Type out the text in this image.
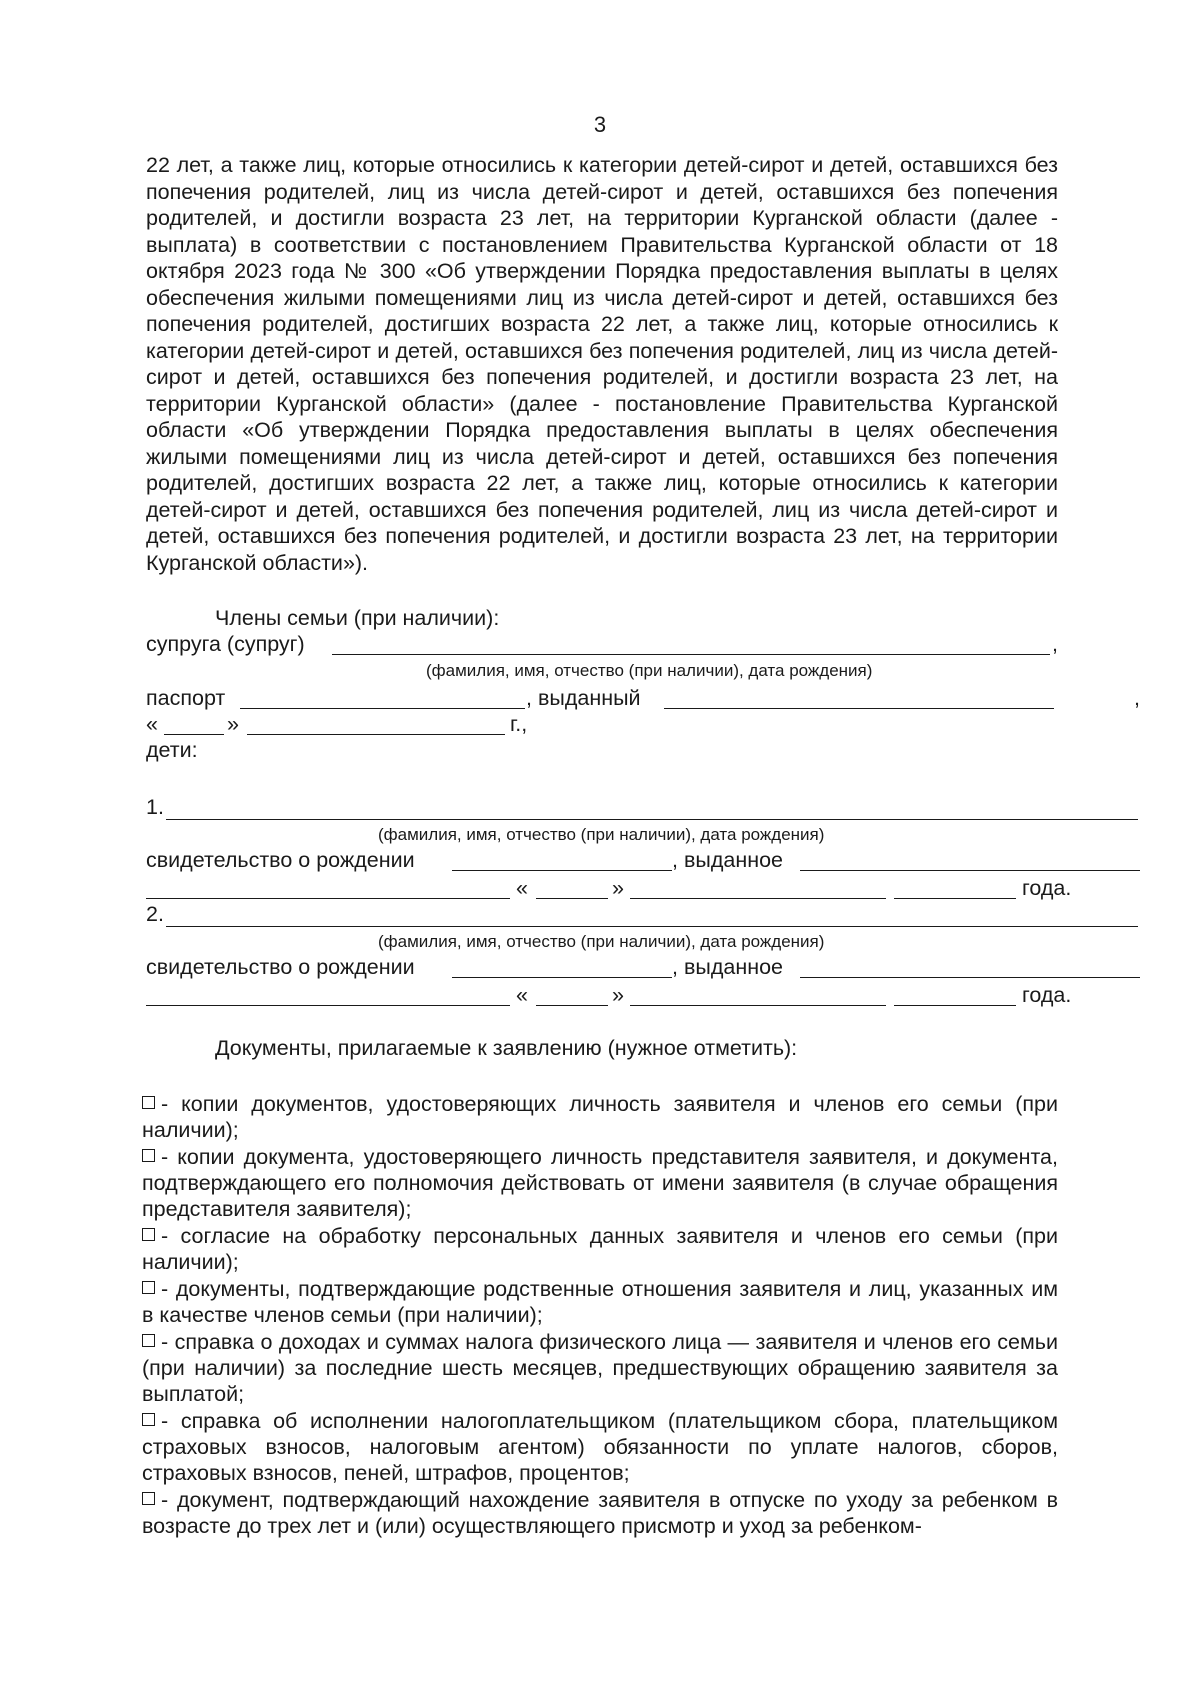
3

22 лет, а также лиц, которые относились к категории детей-сирот и детей, оставшихся без попечения родителей, лиц из числа детей-сирот и детей, оставшихся без попечения родителей, и достигли возраста 23 лет, на территории Курганской области (далее - выплата) в соответствии с постановлением Правительства Курганской области от 18 октября 2023 года № 300 «Об утверждении Порядка предоставления выплаты в целях обеспечения жилыми помещениями лиц из числа детей-сирот и детей, оставшихся без попечения родителей, достигших возраста 22 лет, а также лиц, которые относились к категории детей-сирот и детей, оставшихся без попечения родителей, лиц из числа детей-сирот и детей, оставшихся без попечения родителей, и достигли возраста 23 лет, на территории Курганской области» (далее - постановление Правительства Курганской области «Об утверждении Порядка предоставления выплаты в целях обеспечения жилыми помещениями лиц из числа детей-сирот и детей, оставшихся без попечения родителей, достигших возраста 22 лет, а также лиц, которые относились к категории детей-сирот и детей, оставшихся без попечения родителей, лиц из числа детей-сирот и детей, оставшихся без попечения родителей, и достигли возраста 23 лет, на территории Курганской области»).

Члены семьи (при наличии):
супруга (супруг)	,
(фамилия, имя, отчество (при наличии), дата рождения)
паспорт	, выданный	,
«	»	г.,
дети:
1.
(фамилия, имя, отчество (при наличии), дата рождения)
свидетельство о рождении	, выданное
«	»	года.
2.
(фамилия, имя, отчество (при наличии), дата рождения)
свидетельство о рождении	, выданное
«	»	года.
Документы, прилагаемые к заявлению (нужное отметить):

- копии документов, удостоверяющих личность заявителя и членов его семьи (при наличии);

- копии документа, удостоверяющего личность представителя заявителя, и документа, подтверждающего его полномочия действовать от имени заявителя (в случае обращения представителя заявителя);

- согласие на обработку персональных данных заявителя и членов его семьи (при наличии);

- документы, подтверждающие родственные отношения заявителя и лиц, указанных им в качестве членов семьи (при наличии);

- справка о доходах и суммах налога физического лица — заявителя и членов его семьи (при наличии) за последние шесть месяцев, предшествующих обращению заявителя за выплатой;

- справка об исполнении налогоплательщиком (плательщиком сбора, плательщиком страховых взносов, налоговым агентом) обязанности по уплате налогов, сборов, страховых взносов, пеней, штрафов, процентов;

- документ, подтверждающий нахождение заявителя в отпуске по уходу за ребенком в возрасте до трех лет и (или) осуществляющего присмотр и уход за ребенком-
